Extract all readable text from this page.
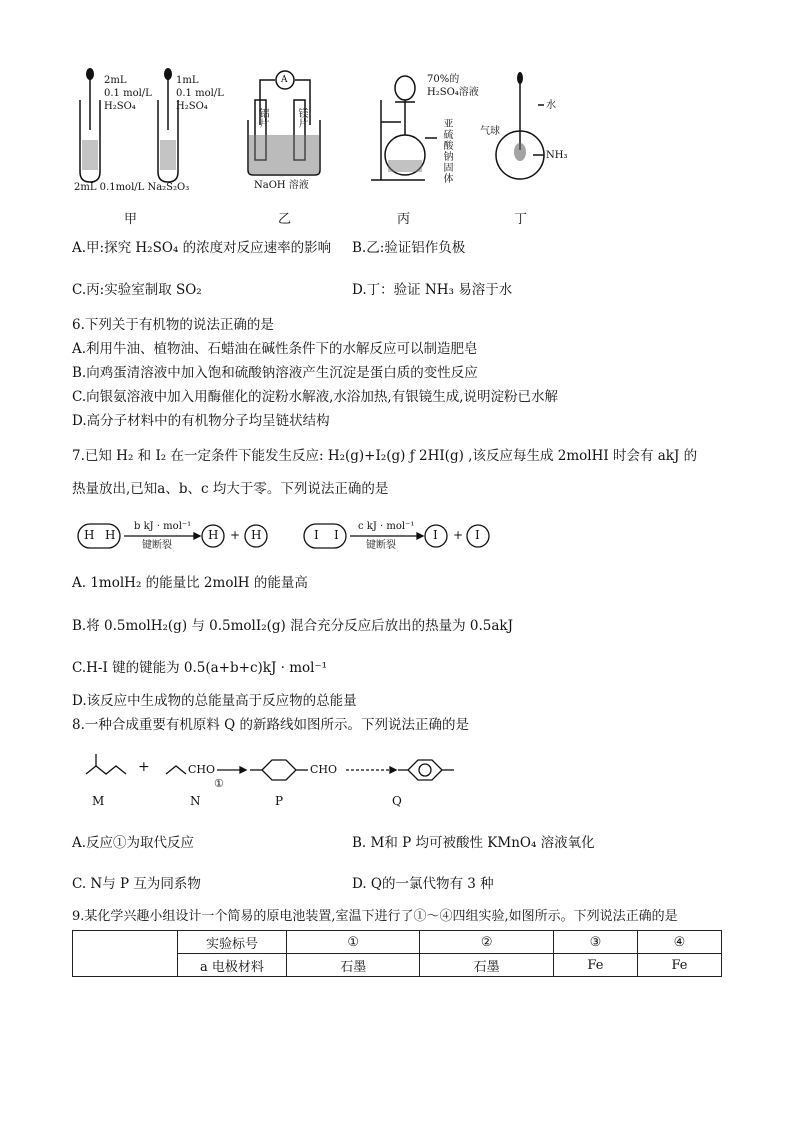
2mL
0.1 mol/L
H₂SO₄
1mL
0.1 mol/L
H₂SO₄
2mL 0.1mol/L Na₂S₂O₃
甲
A
铝片	镁片
NaOH 溶液
乙
70%的
H₂SO₄溶液
亚硫酸钠固体
丙
水
气球
NH₃
丁
A.甲:探究 H₂SO₄ 的浓度对反应速率的影响 B.乙:验证铝作负极
C.丙:实验室制取 SO₂	D.丁：验证 NH₃ 易溶于水
6.下列关于有机物的说法正确的是
A.利用牛油、植物油、石蜡油在碱性条件下的水解反应可以制造肥皂
B.向鸡蛋清溶液中加入饱和硫酸钠溶液产生沉淀是蛋白质的变性反应
C.向银氨溶液中加入用酶催化的淀粉水解液,水浴加热,有银镜生成,说明淀粉已水解
D.高分子材料中的有机物分子均呈链状结构
7.已知 H₂ 和 I₂ 在一定条件下能发生反应: H₂(g)+I₂(g) ƒ 2HI(g) ,该反应每生成 2molHI 时会有 akJ 的
热量放出,已知a、b、c 均大于零。下列说法正确的是
H H
b kJ · mol⁻¹
键断裂
H + H	I I
c kJ · mol⁻¹
键断裂
I + I
A. 1molH₂ 的能量比 2molH 的能量高
B.将 0.5molH₂(g) 与 0.5molI₂(g) 混合充分反应后放出的热量为 0.5akJ
C.H-I 键的键能为 0.5(a+b+c)kJ · mol⁻¹
D.该反应中生成物的总能量高于反应物的总能量
8.一种合成重要有机原料 Q 的新路线如图所示。下列说法正确的是
+	CHO
①
CHO
M	N	P	Q
A.反应①为取代反应	B. M和 P 均可被酸性 KMnO₄ 溶液氧化
C. N与 P 互为同系物	D. Q的一氯代物有 3 种
9.某化学兴趣小组设计一个简易的原电池装置,室温下进行了①～④四组实验,如图所示。下列说法正确的是
	实验标号	①	②	③	④
	a 电极材料	石墨	石墨	Fe	Fe
